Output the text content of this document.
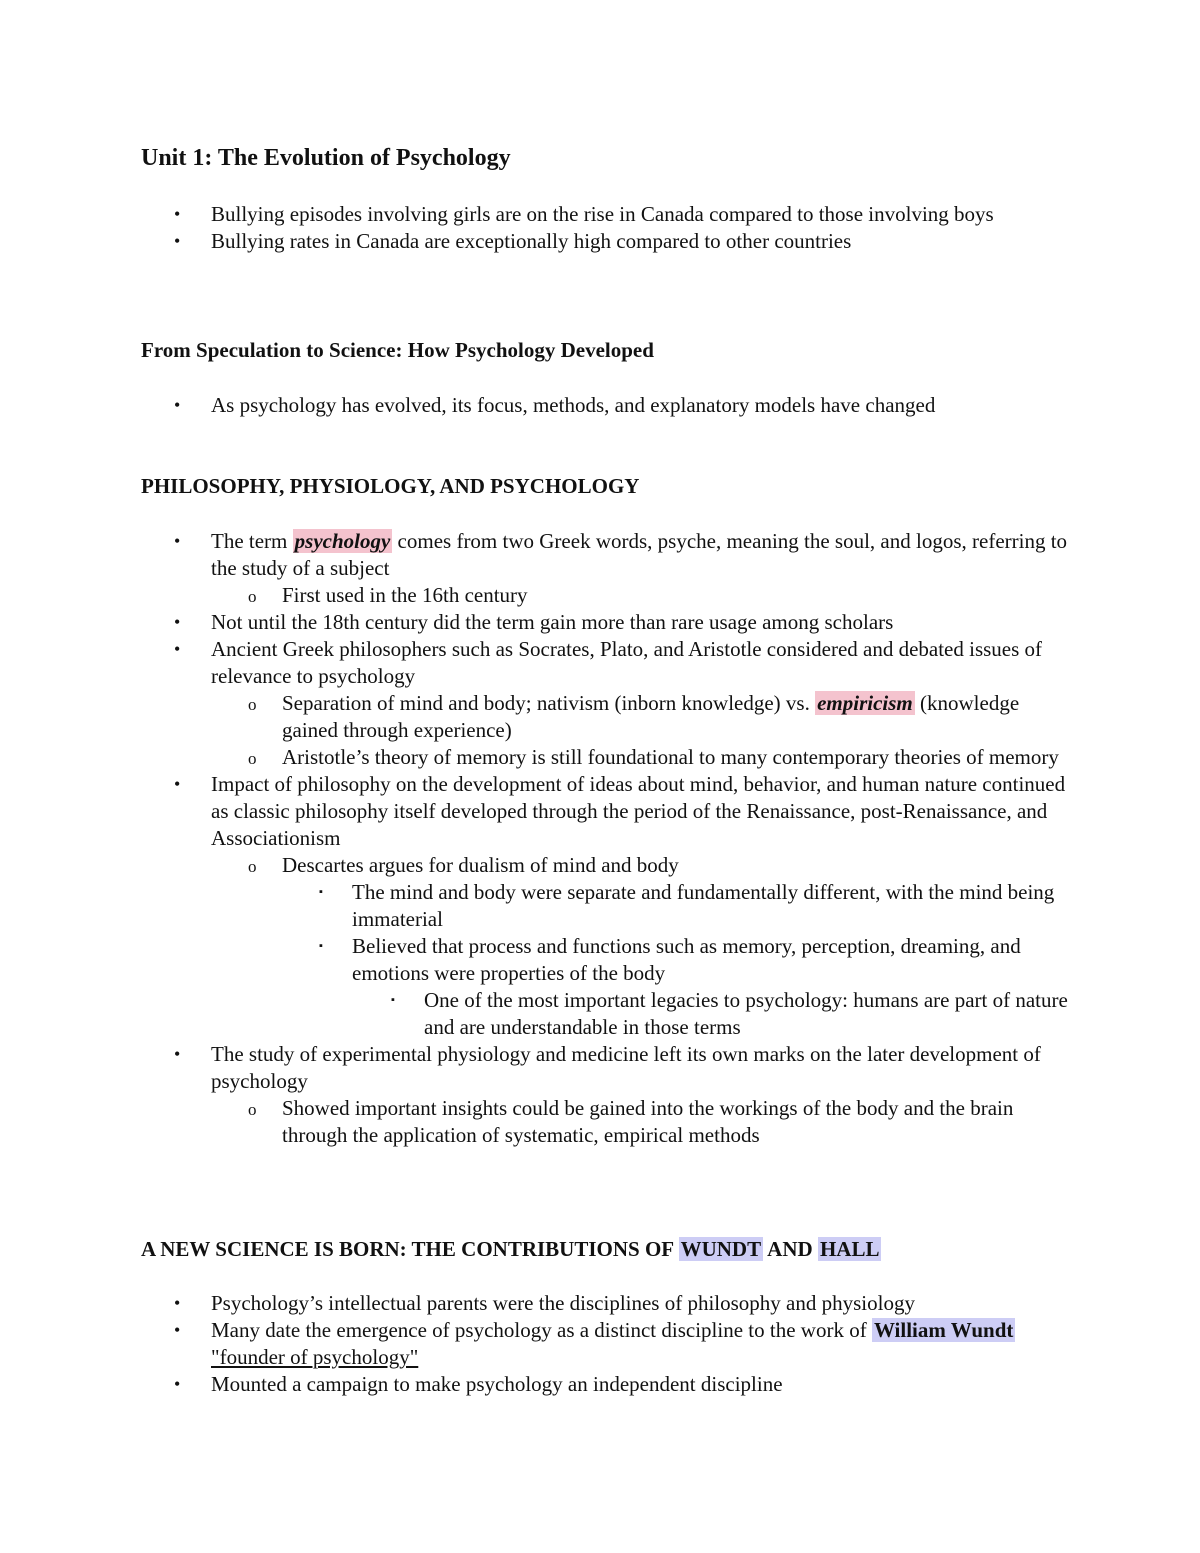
Unit 1: The Evolution of Psychology
• Bullying episodes involving girls are on the rise in Canada compared to those involving boys
• Bullying rates in Canada are exceptionally high compared to other countries
From Speculation to Science: How Psychology Developed
• As psychology has evolved, its focus, methods, and explanatory models have changed
PHILOSOPHY, PHYSIOLOGY, AND PSYCHOLOGY
• The term psychology comes from two Greek words, psyche, meaning the soul, and logos, referring to the study of a subject
o First used in the 16th century
• Not until the 18th century did the term gain more than rare usage among scholars
• Ancient Greek philosophers such as Socrates, Plato, and Aristotle considered and debated issues of relevance to psychology
o Separation of mind and body; nativism (inborn knowledge) vs. empiricism (knowledge gained through experience)
o Aristotle’s theory of memory is still foundational to many contemporary theories of memory
• Impact of philosophy on the development of ideas about mind, behavior, and human nature continued as classic philosophy itself developed through the period of the Renaissance, post-Renaissance, and Associationism
o Descartes argues for dualism of mind and body
▪ The mind and body were separate and fundamentally different, with the mind being immaterial
▪ Believed that process and functions such as memory, perception, dreaming, and emotions were properties of the body
▪ One of the most important legacies to psychology: humans are part of nature and are understandable in those terms
• The study of experimental physiology and medicine left its own marks on the later development of psychology
o Showed important insights could be gained into the workings of the body and the brain through the application of systematic, empirical methods
A NEW SCIENCE IS BORN: THE CONTRIBUTIONS OF WUNDT AND HALL
• Psychology’s intellectual parents were the disciplines of philosophy and physiology
• Many date the emergence of psychology as a distinct discipline to the work of William Wundt "founder of psychology"
• Mounted a campaign to make psychology an independent discipline
